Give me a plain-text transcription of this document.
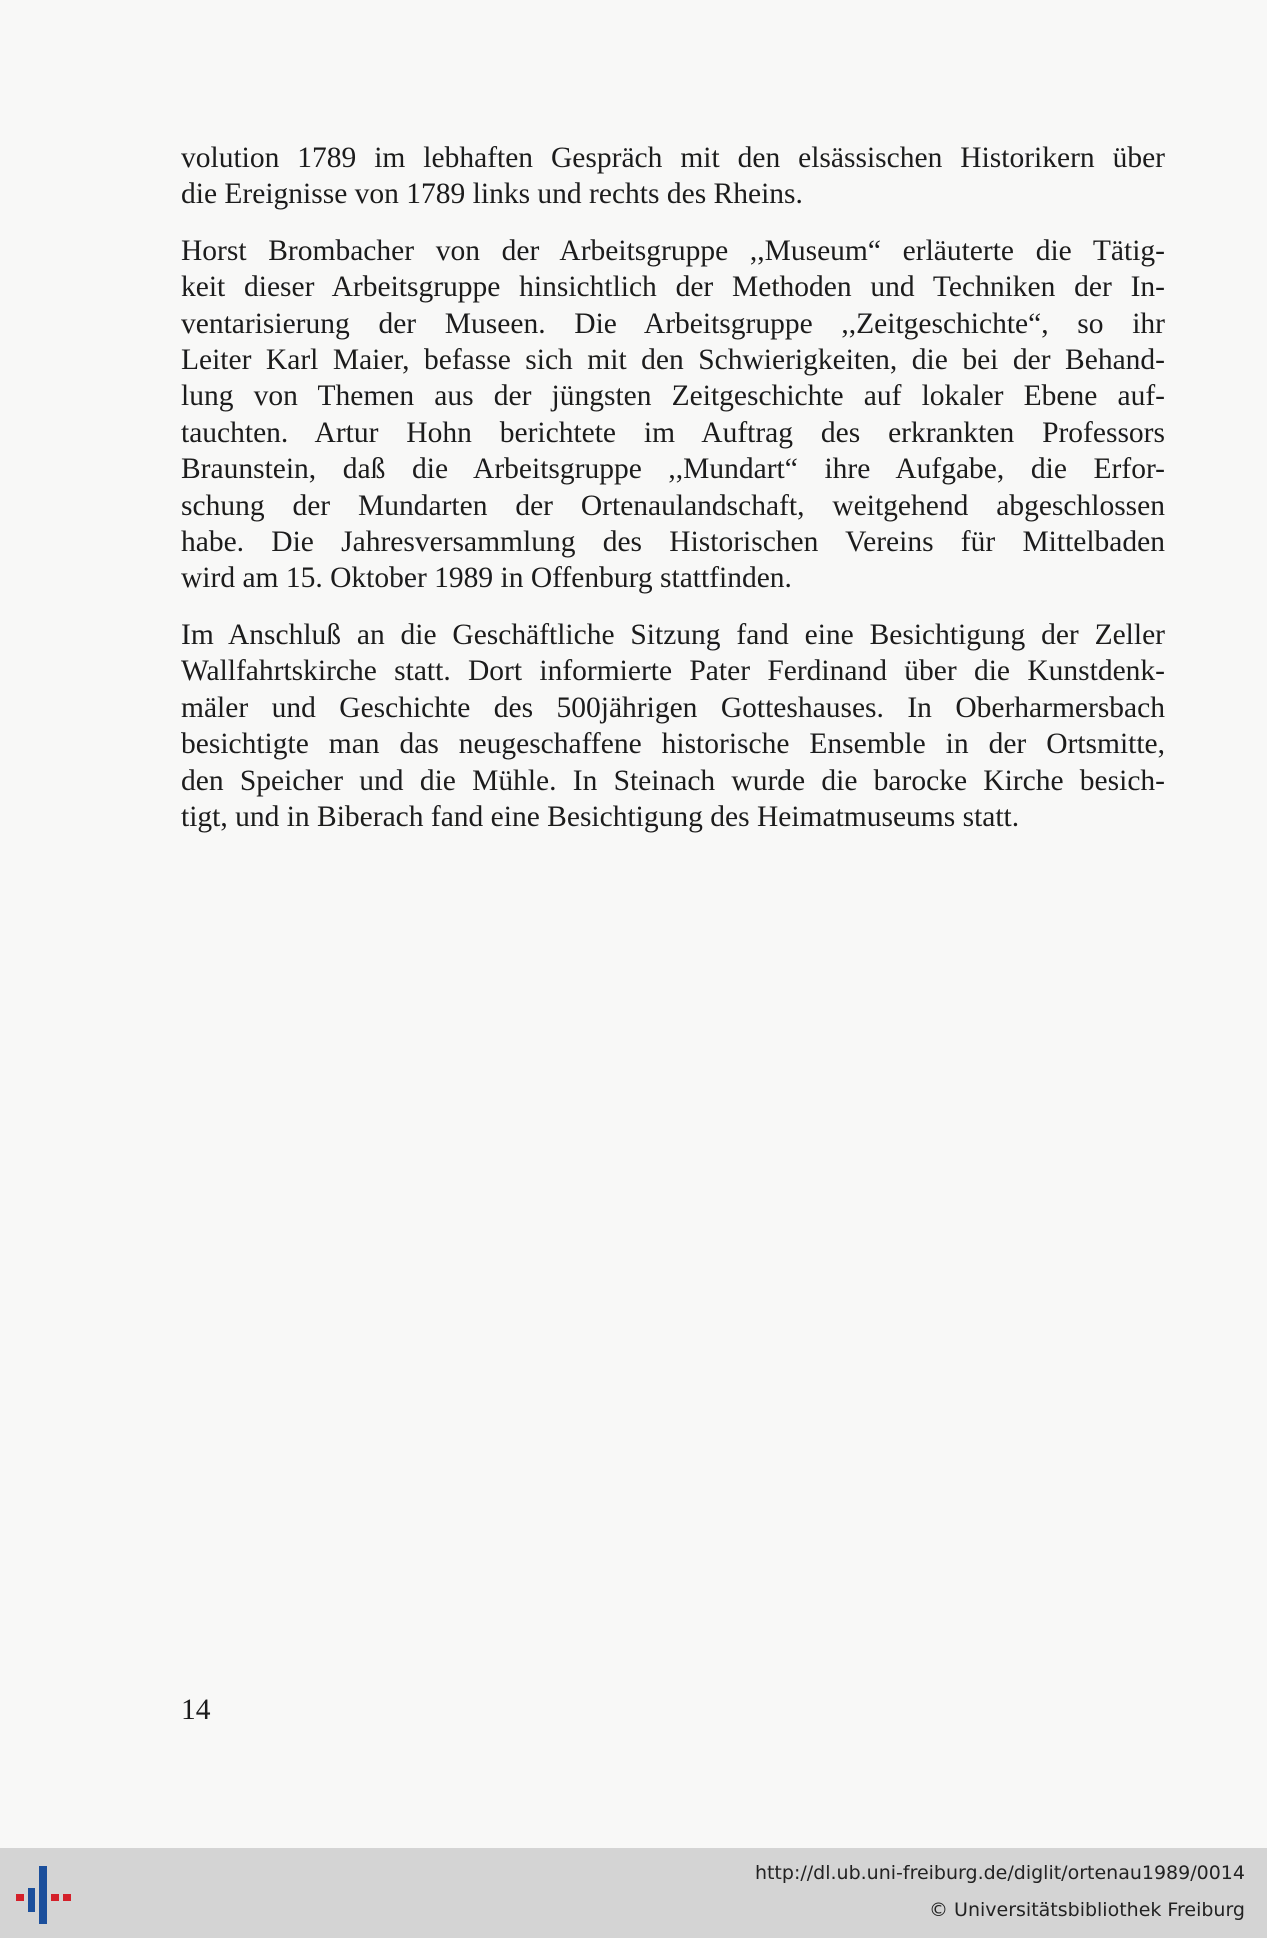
volution 1789 im lebhaften Gespräch mit den elsässischen Historikern über
die Ereignisse von 1789 links und rechts des Rheins.

Horst Brombacher von der Arbeitsgruppe ,,Museum“ erläuterte die Tätig-
keit dieser Arbeitsgruppe hinsichtlich der Methoden und Techniken der In-
ventarisierung der Museen. Die Arbeitsgruppe ,,Zeitgeschichte“, so ihr
Leiter Karl Maier, befasse sich mit den Schwierigkeiten, die bei der Behand-
lung von Themen aus der jüngsten Zeitgeschichte auf lokaler Ebene auf-
tauchten. Artur Hohn berichtete im Auftrag des erkrankten Professors
Braunstein, daß die Arbeitsgruppe ,,Mundart“ ihre Aufgabe, die Erfor-
schung der Mundarten der Ortenaulandschaft, weitgehend abgeschlossen
habe. Die Jahresversammlung des Historischen Vereins für Mittelbaden
wird am 15. Oktober 1989 in Offenburg stattfinden.

Im Anschluß an die Geschäftliche Sitzung fand eine Besichtigung der Zeller
Wallfahrtskirche statt. Dort informierte Pater Ferdinand über die Kunstdenk-
mäler und Geschichte des 500jährigen Gotteshauses. In Oberharmersbach
besichtigte man das neugeschaffene historische Ensemble in der Ortsmitte,
den Speicher und die Mühle. In Steinach wurde die barocke Kirche besich-
tigt, und in Biberach fand eine Besichtigung des Heimatmuseums statt.

14
http://dl.ub.uni-freiburg.de/diglit/ortenau1989/0014
© Universitätsbibliothek Freiburg
